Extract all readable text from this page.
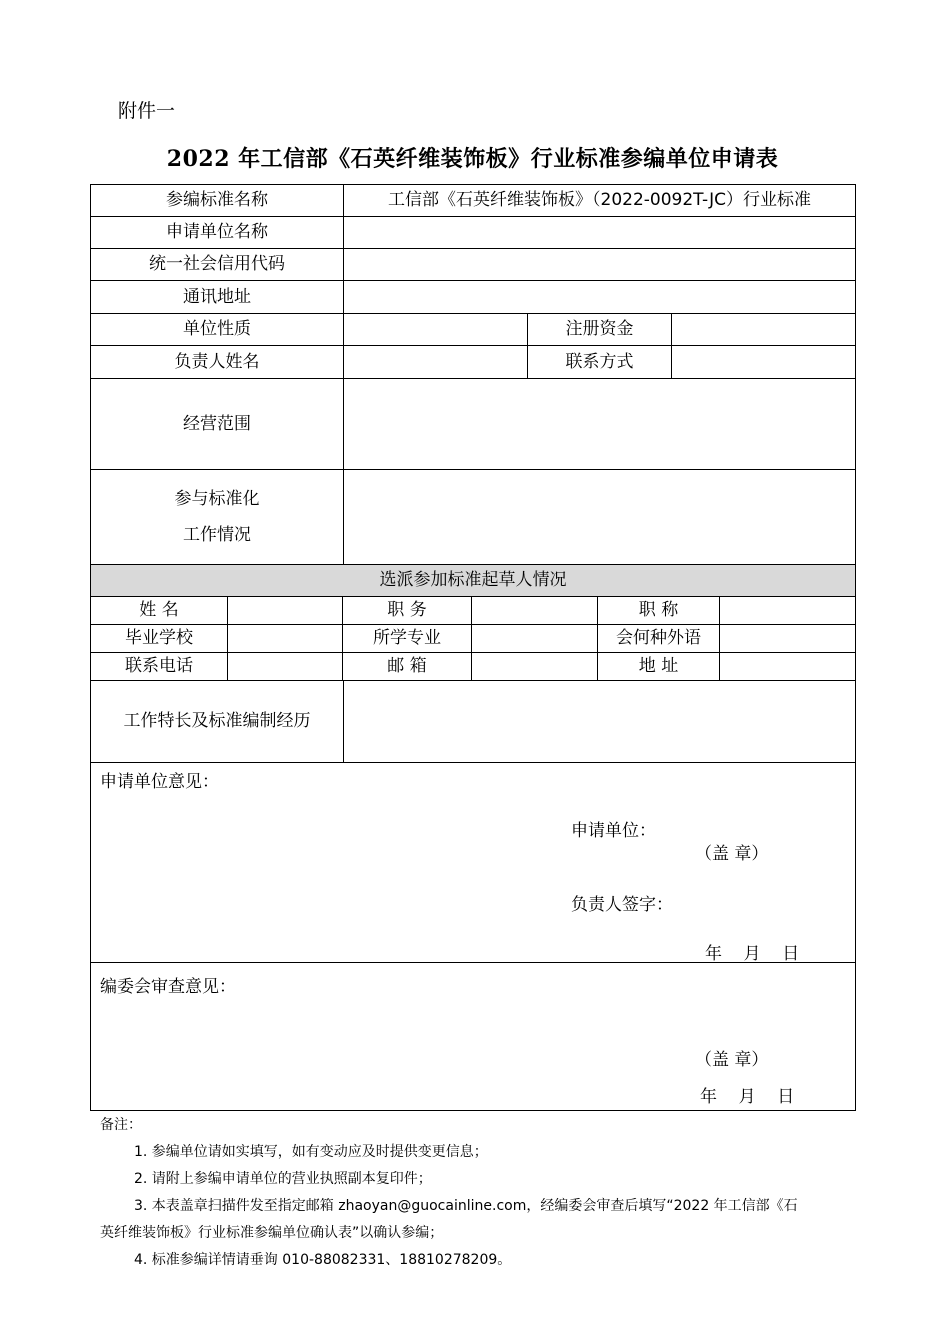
附件一
2022 年工信部《石英纤维装饰板》行业标准参编单位申请表
参编标准名称	工信部《石英纤维装饰板》（2022-0092T-JC）行业标准
申请单位名称
统一社会信用代码
通讯地址
单位性质	注册资金
负责人姓名	联系方式
经营范围
参与标准化
工作情况
选派参加标准起草人情况
姓 名	职 务	职 称
毕业学校	所学专业	会何种外语
联系电话	邮 箱	地 址
工作特长及标准编制经历
申请单位意见：
申请单位：
（盖 章）
负责人签字：
年    月    日
编委会审查意见：
（盖 章）
年    月    日
备注：
1. 参编单位请如实填写，如有变动应及时提供变更信息；
2. 请附上参编申请单位的营业执照副本复印件；
3. 本表盖章扫描件发至指定邮箱 zhaoyan@guocainline.com，经编委会审查后填写“2022 年工信部《石
英纤维装饰板》行业标准参编单位确认表”以确认参编；
4. 标准参编详情请垂询 010-88082331、18810278209。
